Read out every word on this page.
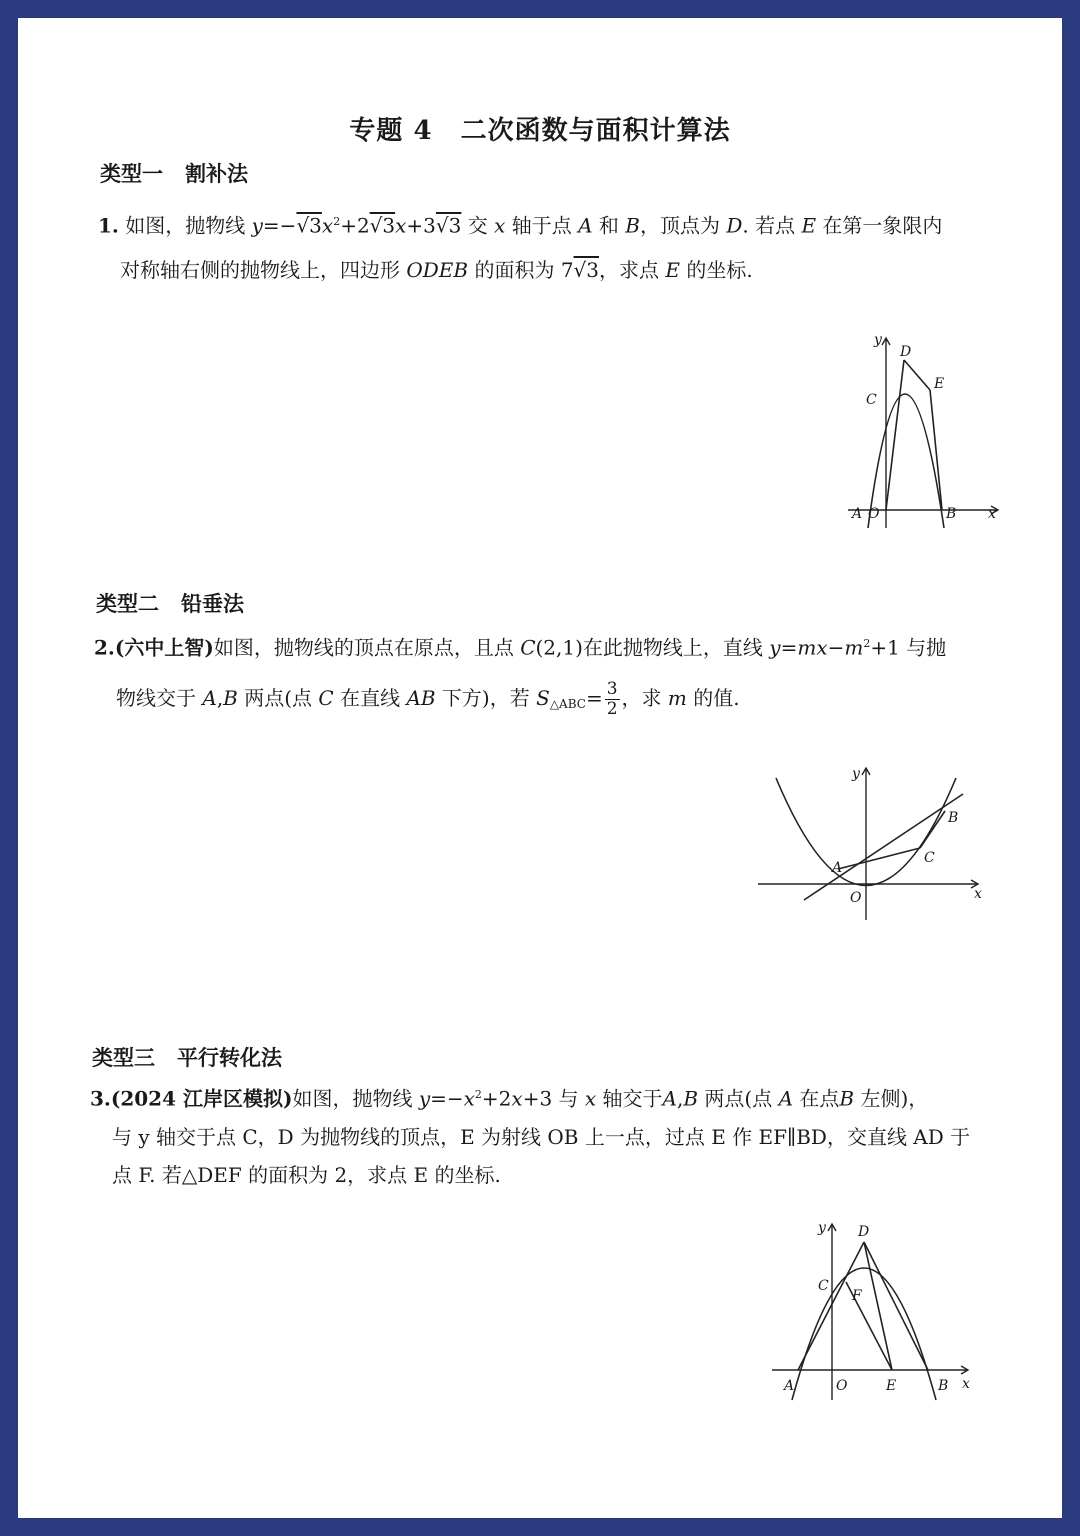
专题 4 二次函数与面积计算法
类型一 割补法
1. 如图，抛物线 $y=-√3x^2+2√3x+3√3$ 交 x 轴于点 A 和 B，顶点为 D. 若点 E 在第一象限内
对称轴右侧的抛物线上，四边形 ODEB 的面积为 7√3，求点 E 的坐标.
y
D
E
C
A O	B x
类型二 铅垂法
2.(六中上智)如图，抛物线的顶点在原点，且点 C(2,1)在此抛物线上，直线 $y=mx-m^2+1$ 与抛
物线交于 A,B 两点(点 C 在直线 AB 下方)，若 $S_{\triangle ABC}= \frac{3}{2}$ ，求 m 的值.
y
B
C
A
O	x
类型三 平行转化法
3.(2024 江岸区模拟)如图，抛物线 $y=-x^2+2x+3$ 与 x 轴交于A,B 两点(点 A 在点B 左侧)，
与 y 轴交于点 C，D 为抛物线的顶点，E 为射线 OB 上一点，过点 E 作 EF∥BD，交直线 AD 于
点 F. 若△DEF 的面积为 2，求点 E 的坐标.
y D
C
F
A	O	E	B x
